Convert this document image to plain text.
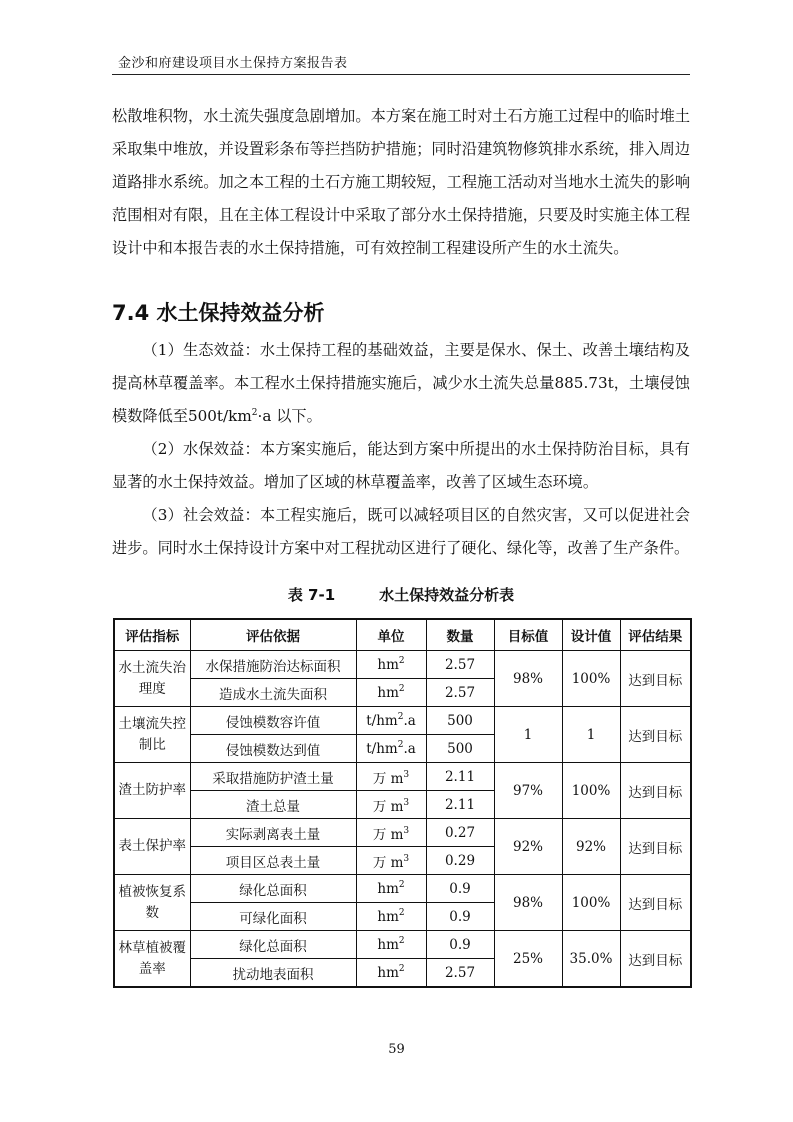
金沙和府建设项目水土保持方案报告表

松散堆积物，水土流失强度急剧增加。本方案在施工时对土石方施工过程中的临时堆土采取集中堆放，并设置彩条布等拦挡防护措施；同时沿建筑物修筑排水系统，排入周边道路排水系统。加之本工程的土石方施工期较短，工程施工活动对当地水土流失的影响范围相对有限，且在主体工程设计中采取了部分水土保持措施，只要及时实施主体工程设计中和本报告表的水土保持措施，可有效控制工程建设所产生的水土流失。

7.4 水土保持效益分析

（1）生态效益：水土保持工程的基础效益，主要是保水、保土、改善土壤结构及提高林草覆盖率。本工程水土保持措施实施后，减少水土流失总量885.73t，土壤侵蚀模数降低至$500t/km^2\cdot a$ 以下。

（2）水保效益：本方案实施后，能达到方案中所提出的水土保持防治目标，具有显著的水土保持效益。增加了区域的林草覆盖率，改善了区域生态环境。

（3）社会效益：本工程实施后，既可以减轻项目区的自然灾害，又可以促进社会进步。同时水土保持设计方案中对工程扰动区进行了硬化、绿化等，改善了生产条件。

表 7-1	水土保持效益分析表
评估指标	评估依据	单位	数量	目标值	设计值	评估结果
水土流失治理度	水保措施防治达标面积	$hm^2$	2.57	98%	100%	达到目标
	造成水土流失面积	$hm^2$	2.57			
土壤流失控制比	侵蚀模数容许值	$t/hm^2.a$	500	1	1	达到目标
	侵蚀模数达到值	$t/hm^2.a$	500			
渣土防护率	采取措施防护渣土量	万 $m^3$	2.11	97%	100%	达到目标
	渣土总量	万 $m^3$	2.11			
表土保护率	实际剥离表土量	万 $m^3$	0.27	92%	92%	达到目标
	项目区总表土量	万 $m^3$	0.29			
植被恢复系数	绿化总面积	$hm^2$	0.9	98%	100%	达到目标
	可绿化面积	$hm^2$	0.9			
林草植被覆盖率	绿化总面积	$hm^2$	0.9	25%	35.0%	达到目标
	扰动地表面积	$hm^2$	2.57			
59
